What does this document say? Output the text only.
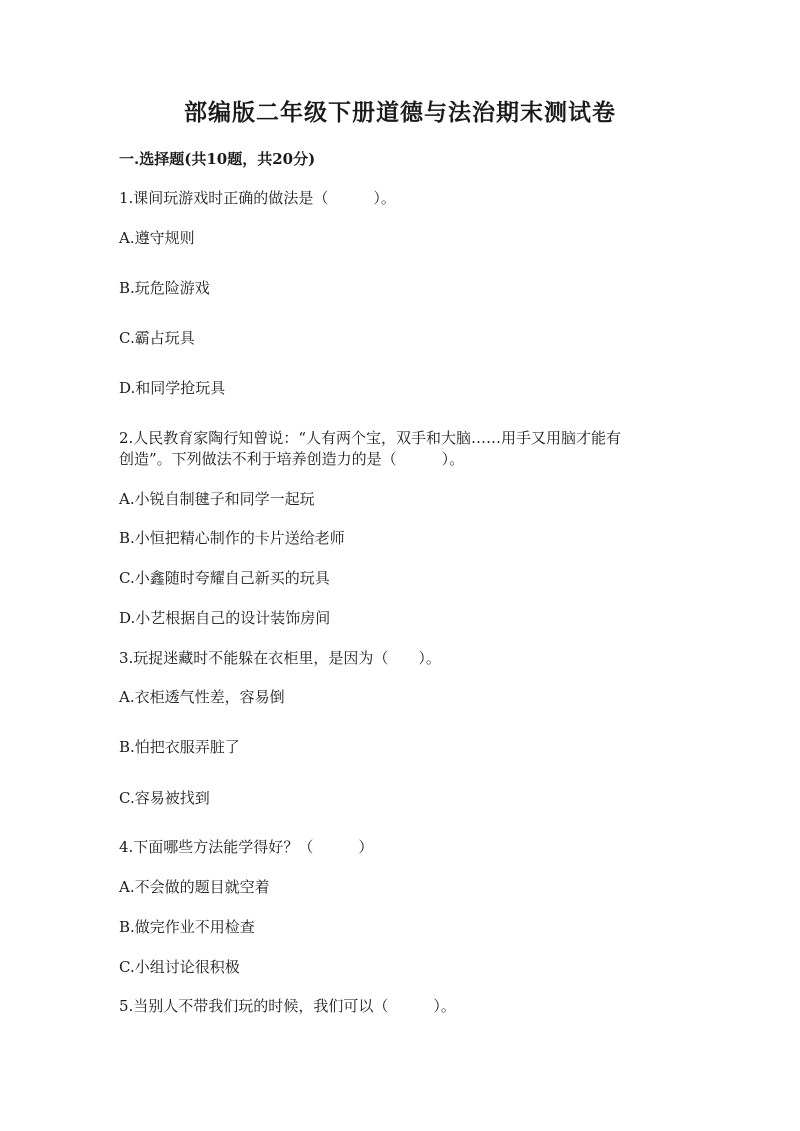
部编版二年级下册道德与法治期末测试卷
一.选择题(共10题，共20分)
1.课间玩游戏时正确的做法是（　　　）。
A.遵守规则
B.玩危险游戏
C.霸占玩具
D.和同学抢玩具
2.人民教育家陶行知曾说：“人有两个宝，双手和大脑……用手又用脑才能有
创造”。下列做法不利于培养创造力的是（　　　）。
A.小锐自制毽子和同学一起玩
B.小恒把精心制作的卡片送给老师
C.小鑫随时夸耀自己新买的玩具
D.小艺根据自己的设计装饰房间
3.玩捉迷藏时不能躲在衣柜里，是因为（　　）。
A.衣柜透气性差，容易倒
B.怕把衣服弄脏了
C.容易被找到
4.下面哪些方法能学得好？（　　　）
A.不会做的题目就空着
B.做完作业不用检查
C.小组讨论很积极
5.当别人不带我们玩的时候，我们可以（　　　）。
